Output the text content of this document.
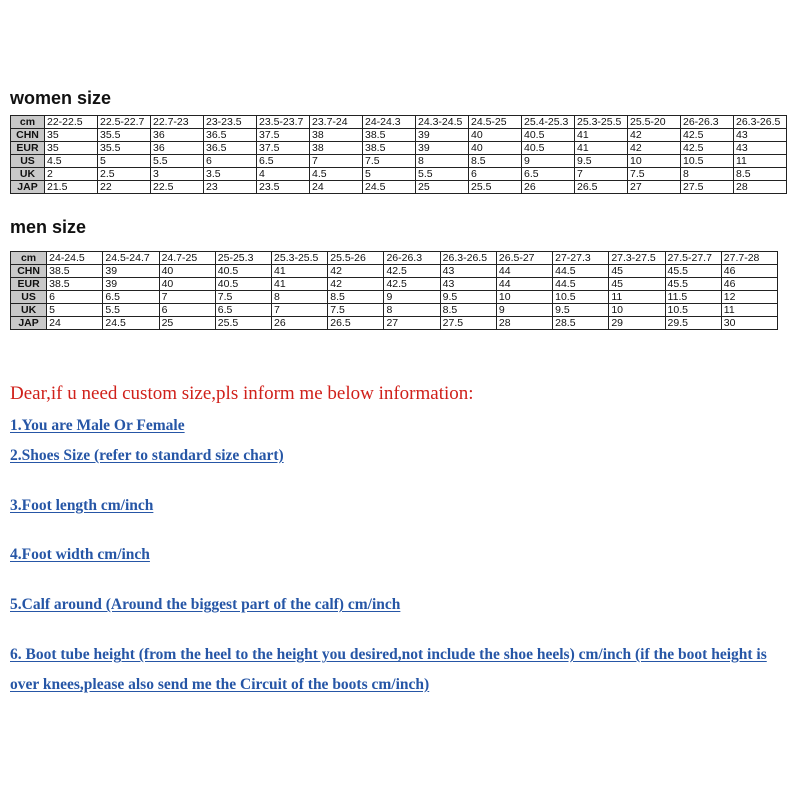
women size
cm	22-22.5	22.5-22.7	22.7-23	23-23.5	23.5-23.7	23.7-24	24-24.3	24.3-24.5	24.5-25	25.4-25.3	25.3-25.5	25.5-20	26-26.3	26.3-26.5
CHN	35	35.5	36	36.5	37.5	38	38.5	39	40	40.5	41	42	42.5	43
EUR	35	35.5	36	36.5	37.5	38	38.5	39	40	40.5	41	42	42.5	43
US	4.5	5	5.5	6	6.5	7	7.5	8	8.5	9	9.5	10	10.5	11
UK	2	2.5	3	3.5	4	4.5	5	5.5	6	6.5	7	7.5	8	8.5
JAP	21.5	22	22.5	23	23.5	24	24.5	25	25.5	26	26.5	27	27.5	28
men size
cm	24-24.5	24.5-24.7	24.7-25	25-25.3	25.3-25.5	25.5-26	26-26.3	26.3-26.5	26.5-27	27-27.3	27.3-27.5	27.5-27.7	27.7-28
CHN	38.5	39	40	40.5	41	42	42.5	43	44	44.5	45	45.5	46
EUR	38.5	39	40	40.5	41	42	42.5	43	44	44.5	45	45.5	46
US	6	6.5	7	7.5	8	8.5	9	9.5	10	10.5	11	11.5	12
UK	5	5.5	6	6.5	7	7.5	8	8.5	9	9.5	10	10.5	11
JAP	24	24.5	25	25.5	26	26.5	27	27.5	28	28.5	29	29.5	30

Dear,if u need custom size,pls inform me below information:

1.You are Male Or Female

2.Shoes Size (refer to standard size chart)

3.Foot length cm/inch

4.Foot width cm/inch

5.Calf around (Around the biggest part of the calf) cm/inch

6. Boot tube height (from the heel to the height you desired,not include the shoe heels) cm/inch (if the boot height is

over knees,please also send me the Circuit of the boots cm/inch)
